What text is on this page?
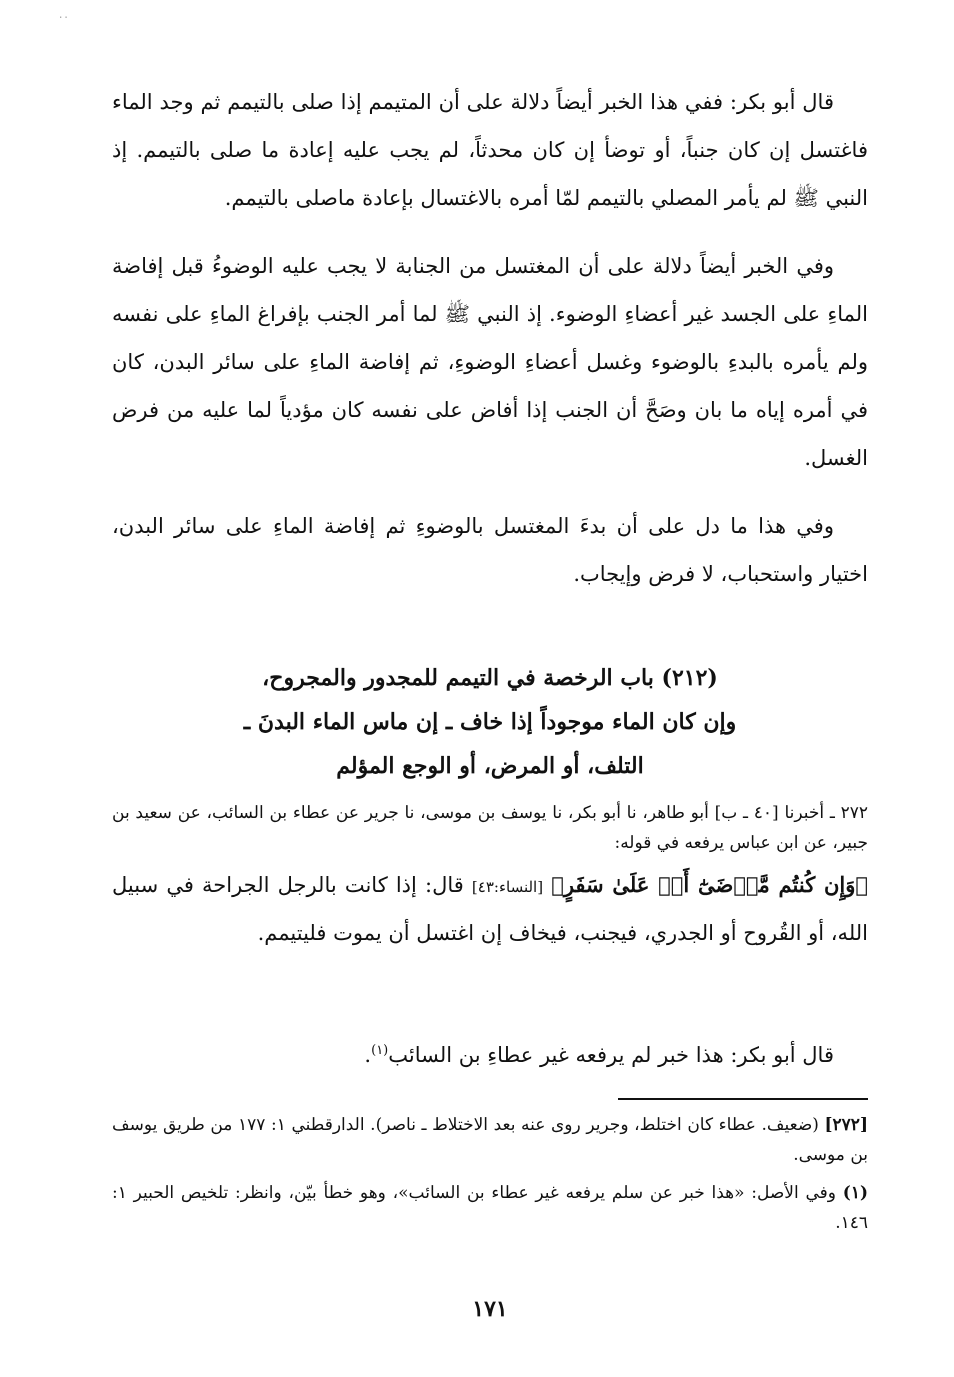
٠٠

قال أبو بكر: ففي هذا الخبر أيضاً دلالة على أن المتيمم إذا صلى بالتيمم ثم وجد الماء فاغتسل إن كان جنباً، أو توضأ إن كان محدثاً، لم يجب عليه إعادة ما صلى بالتيمم. إذ النبي ﷺ لم يأمر المصلي بالتيمم لمّا أمره بالاغتسال بإعادة ماصلى بالتيمم.

وفي الخبر أيضاً دلالة على أن المغتسل من الجنابة لا يجب عليه الوضوءُ قبل إفاضة الماءِ على الجسد غير أعضاءِ الوضوء. إذ النبي ﷺ لما أمر الجنب بإفراغ الماءِ على نفسه ولم يأمره بالبدءِ بالوضوء وغسل أعضاءِ الوضوءِ، ثم إفاضة الماءِ على سائر البدن، كان في أمره إياه ما بان وصَحَّ أن الجنب إذا أفاض على نفسه كان مؤدياً لما عليه من فرض الغسل.

وفي هذا ما دل على أن بدءَ المغتسل بالوضوءِ ثم إفاضة الماءِ على سائر البدن، اختيار واستحباب، لا فرض وإيجاب.

(٢١٢) باب الرخصة في التيمم للمجدور والمجروح،
وإن كان الماء موجوداً إذا خاف ـ إن ماس الماء البدنَ ـ
التلف، أو المرض، أو الوجع المؤلم

٢٧٢ ـ أخبرنا [٤٠ ـ ب] أبو طاهر، نا أبو بكر، نا يوسف بن موسى، نا جرير عن عطاء بن السائب، عن سعيد بن جبير، عن ابن عباس يرفعه في قوله:

﴿وَإِن كُنتُم مَّرۡضَىٰٓ أَوۡ عَلَىٰ سَفَرٍ﴾ [النساء:٤٣] قال: إذا كانت بالرجل الجراحة في سبيل الله، أو القُروح أو الجدري، فيجنب، فيخاف إن اغتسل أن يموت فليتيمم.

قال أبو بكر: هذا خبر لم يرفعه غير عطاءِ بن السائب$^{(١)}$.

[٢٧٢] (ضعيف. عطاء كان اختلط، وجرير روى عنه بعد الاختلاط ـ ناصر). الدارقطني ١: ١٧٧ من طريق يوسف بن موسى.

(١) وفي الأصل: «هذا خبر عن سلم يرفعه غير عطاء بن السائب»، وهو خطأ بيّن، وانظر: تلخيص الحبير ١: ١٤٦.

١٧١
